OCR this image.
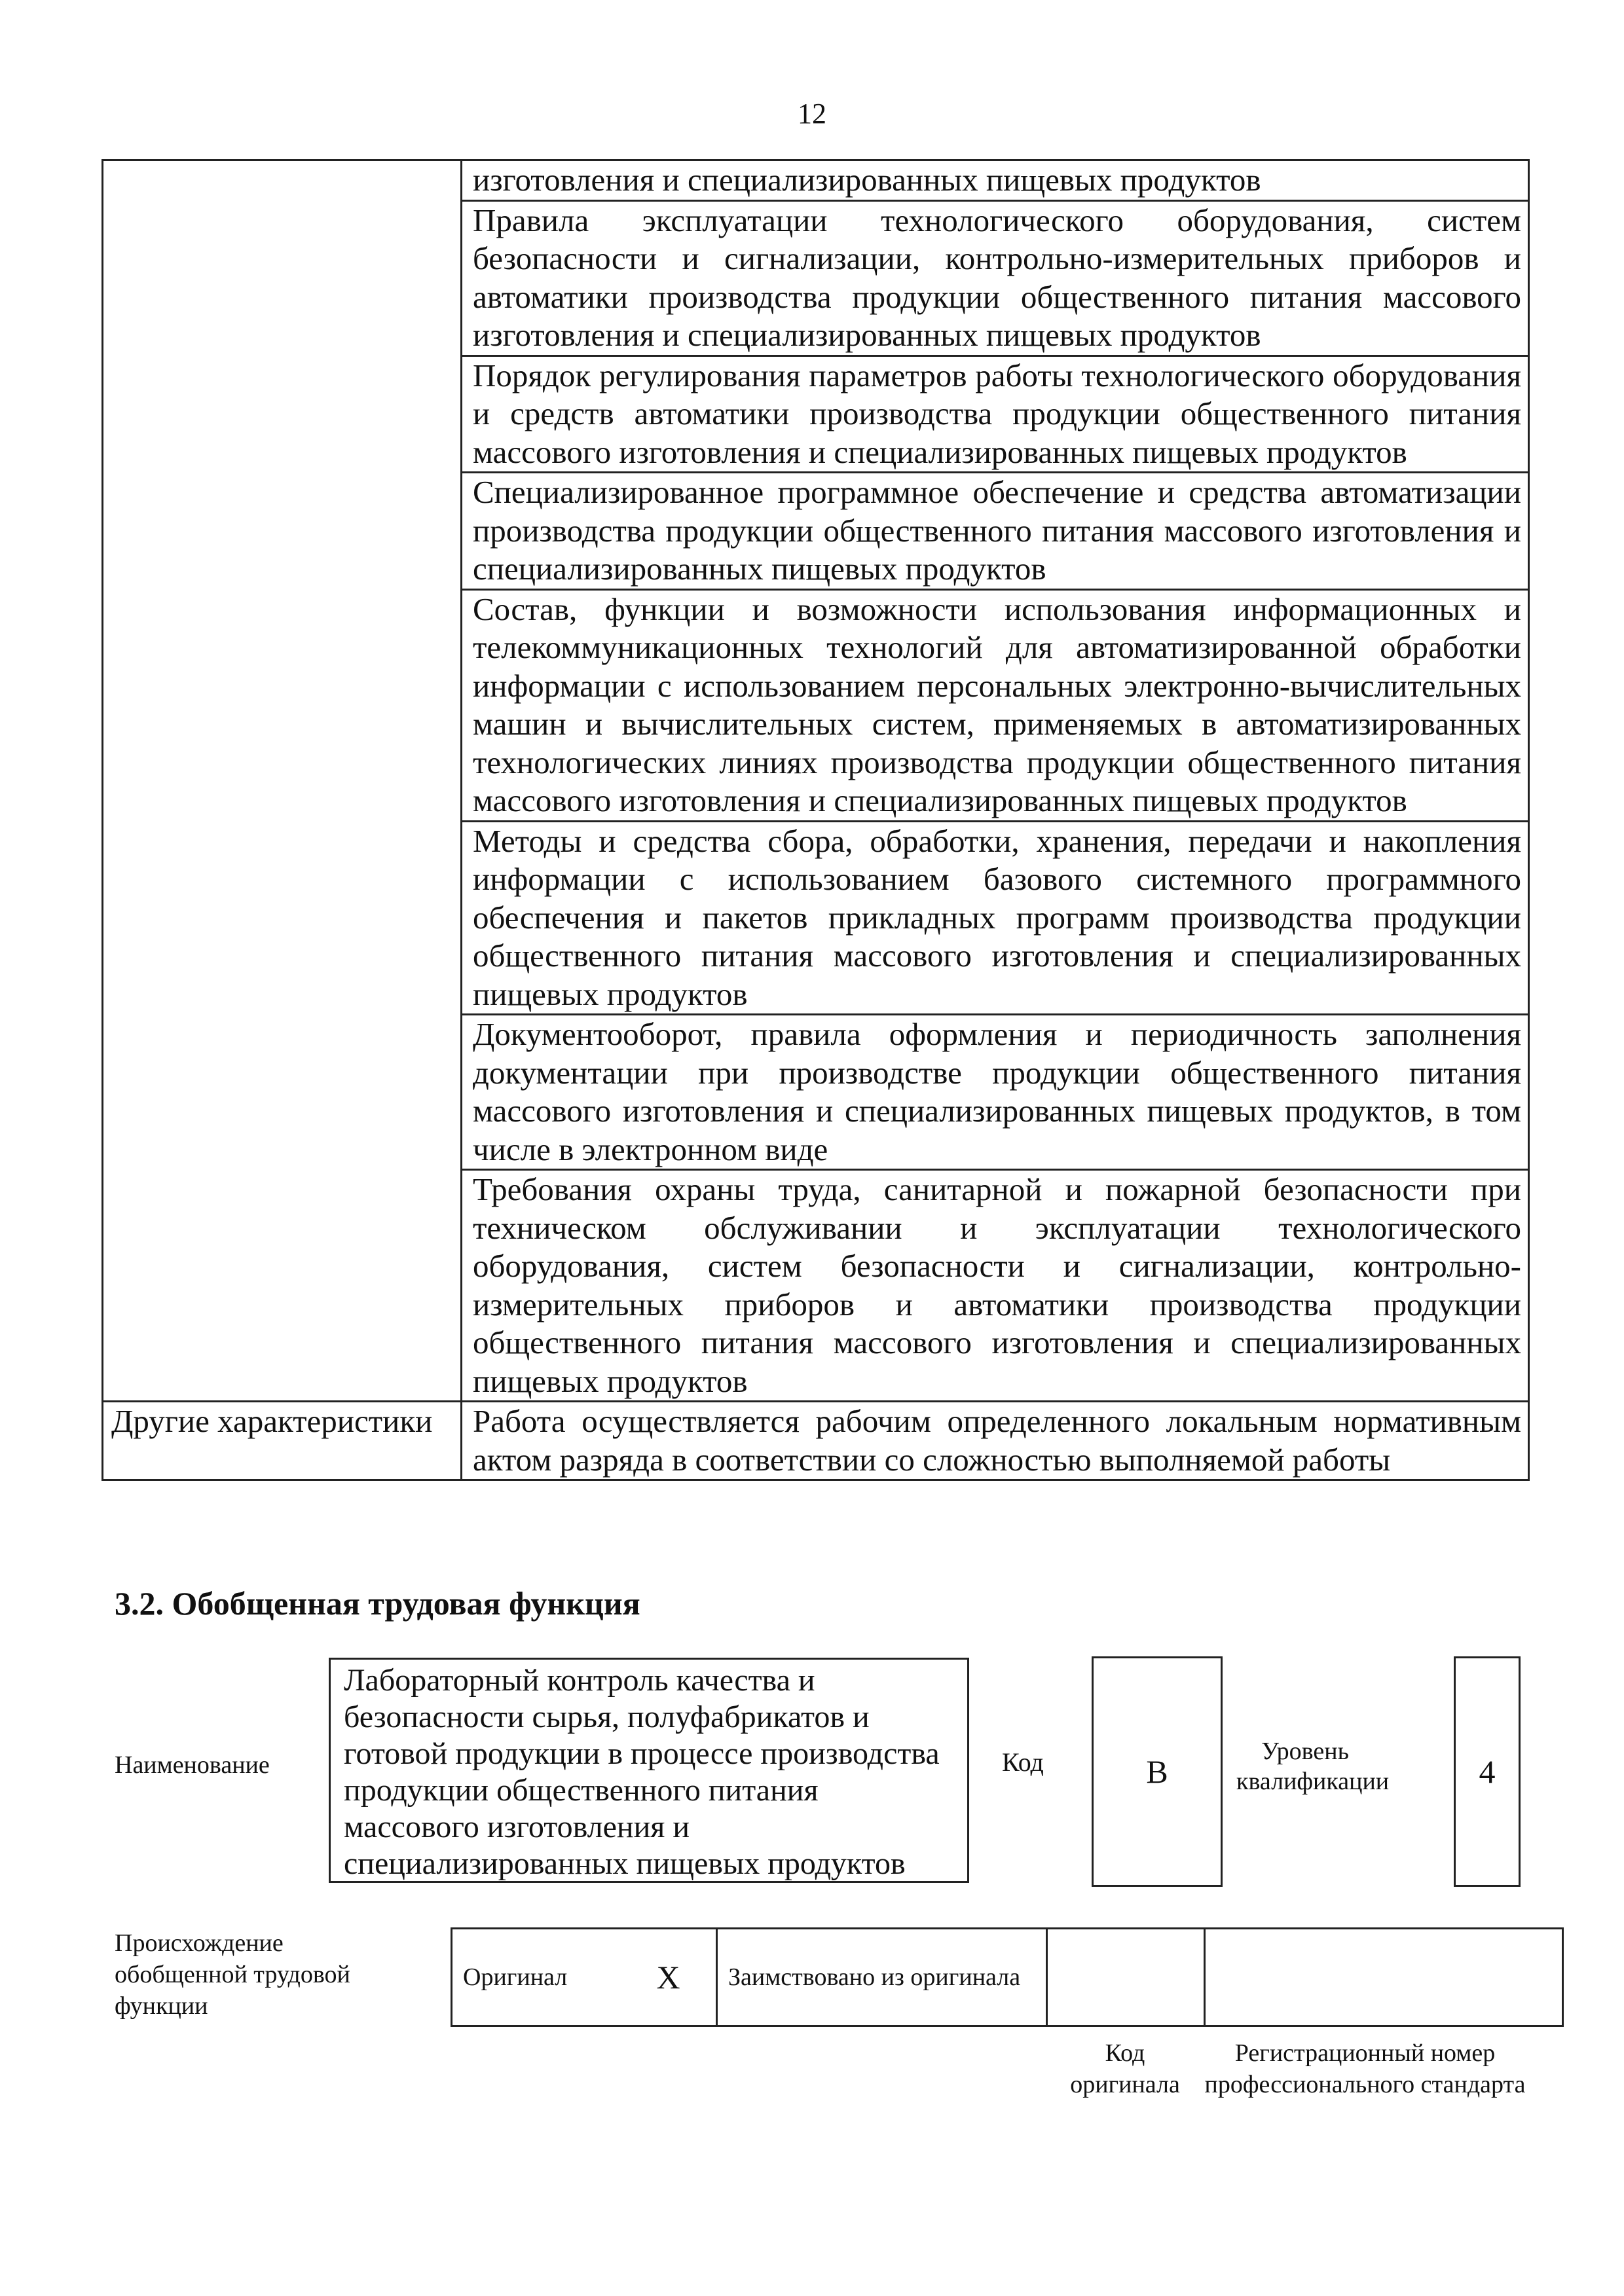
12
	изготовления и специализированных пищевых продуктов
	Правила эксплуатации технологического оборудования, систем безопасности и сигнализации, контрольно-измерительных приборов и автоматики производства продукции общественного питания массового изготовления и специализированных пищевых продуктов
	Порядок регулирования параметров работы технологического оборудования и средств автоматики производства продукции общественного питания массового изготовления и специализированных пищевых продуктов
	Специализированное программное обеспечение и средства автоматизации производства продукции общественного питания массового изготовления и специализированных пищевых продуктов
	Состав, функции и возможности использования информационных и телекоммуникационных технологий для автоматизированной обработки информации с использованием персональных электронно-вычислительных машин и вычислительных систем, применяемых в автоматизированных технологических линиях производства продукции общественного питания массового изготовления и специализированных пищевых продуктов
	Методы и средства сбора, обработки, хранения, передачи и накопления информации с использованием базового системного программного обеспечения и пакетов прикладных программ производства продукции общественного питания массового изготовления и специализированных пищевых продуктов
	Документооборот, правила оформления и периодичность заполнения документации при производстве продукции общественного питания массового изготовления и специализированных пищевых продуктов, в том числе в электронном виде
	Требования охраны труда, санитарной и пожарной безопасности при техническом обслуживании и эксплуатации технологического оборудования, систем безопасности и сигнализации, контрольно-измерительных приборов и автоматики производства продукции общественного питания массового изготовления и специализированных пищевых продуктов
Другие характеристики	Работа осуществляется рабочим определенного локальным нормативным актом разряда в соответствии со сложностью выполняемой работы
3.2. Обобщенная трудовая функция
Наименование
Лабораторный контроль качества и безопасности сырья, полуфабрикатов и готовой продукции в процессе производства продукции общественного питания массового изготовления и специализированных пищевых продуктов
Код	В
Уровень квалификации	4
Происхождение обобщенной трудовой функции
Оригинал	X	Заимствовано из оригинала		
Код оригинала
Регистрационный номер профессионального стандарта
